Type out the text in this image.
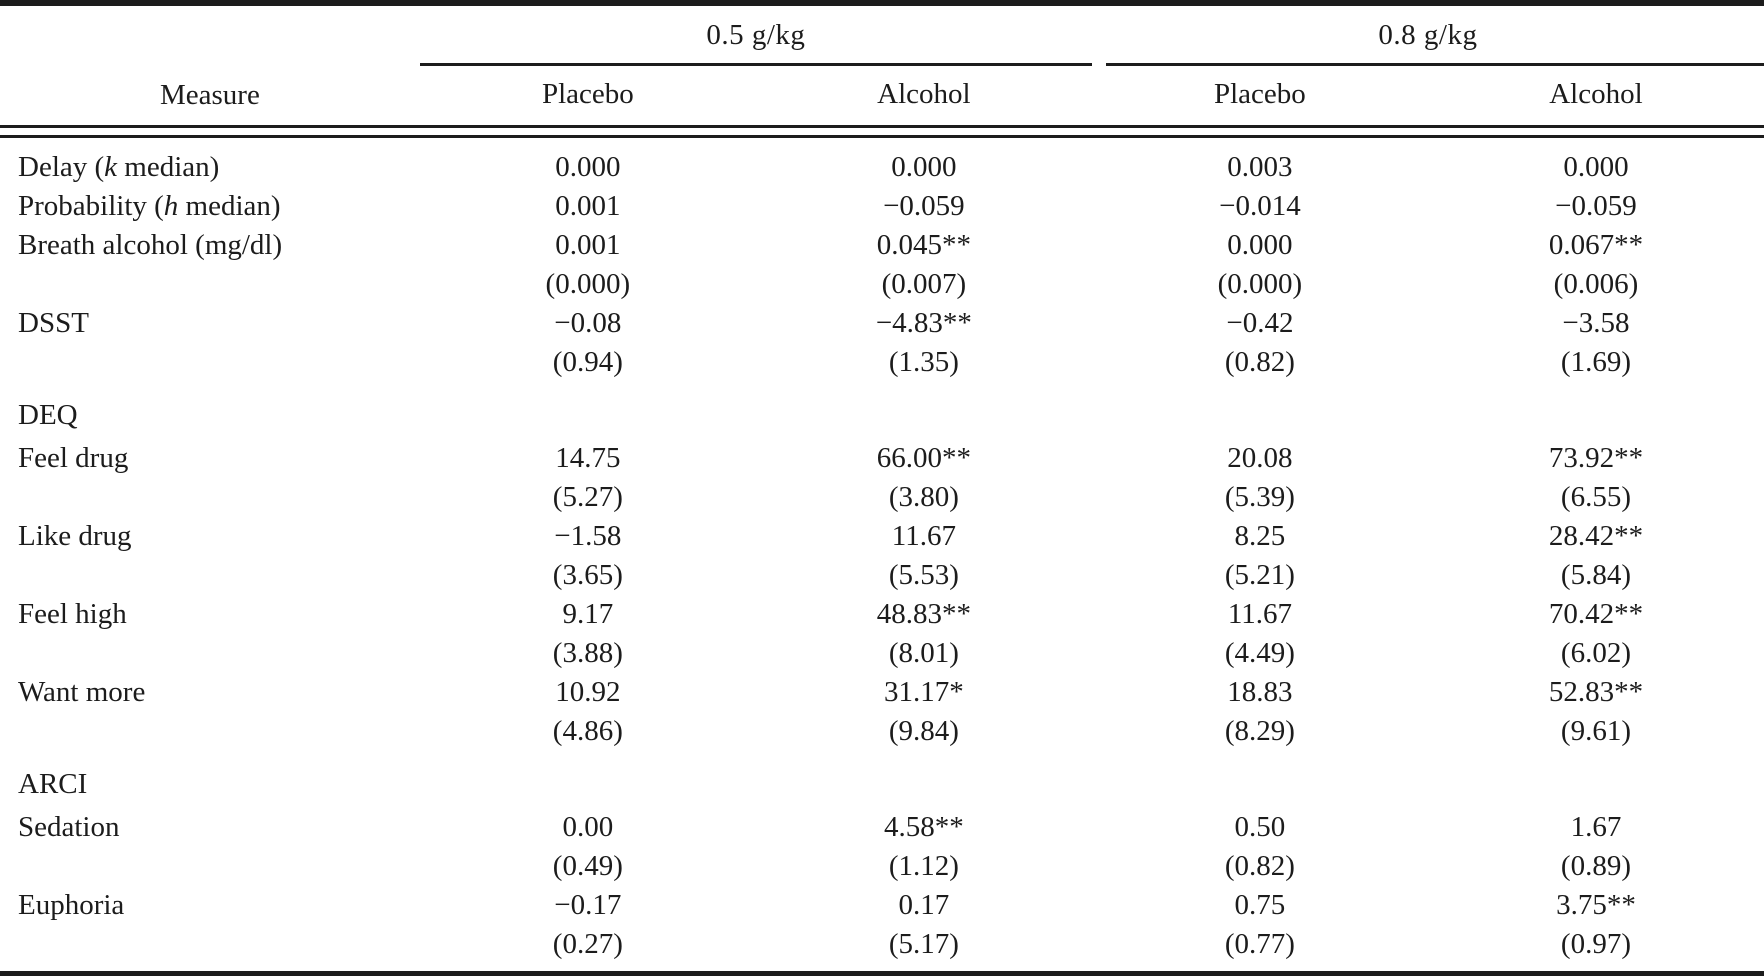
	0.5 g/kg		0.8 g/kg	

Measure	Placebo	Alcohol	Placebo	Alcohol

Delay (k median)	0.000	0.000	0.003	0.000
Probability (h median)	0.001	−0.059	−0.014	−0.059
Breath alcohol (mg/dl)	0.001	0.045**	0.000	0.067**
	(0.000)	(0.007)	(0.000)	(0.006)
DSST	−0.08	−4.83**	−0.42	−3.58
	(0.94)	(1.35)	(0.82)	(1.69)
DEQ				
Feel drug	14.75	66.00**	20.08	73.92**
	(5.27)	(3.80)	(5.39)	(6.55)
Like drug	−1.58	11.67	8.25	28.42**
	(3.65)	(5.53)	(5.21)	(5.84)
Feel high	9.17	48.83**	11.67	70.42**
	(3.88)	(8.01)	(4.49)	(6.02)
Want more	10.92	31.17*	18.83	52.83**
	(4.86)	(9.84)	(8.29)	(9.61)
ARCI				
Sedation	0.00	4.58**	0.50	1.67
	(0.49)	(1.12)	(0.82)	(0.89)
Euphoria	−0.17	0.17	0.75	3.75**
	(0.27)	(5.17)	(0.77)	(0.97)
